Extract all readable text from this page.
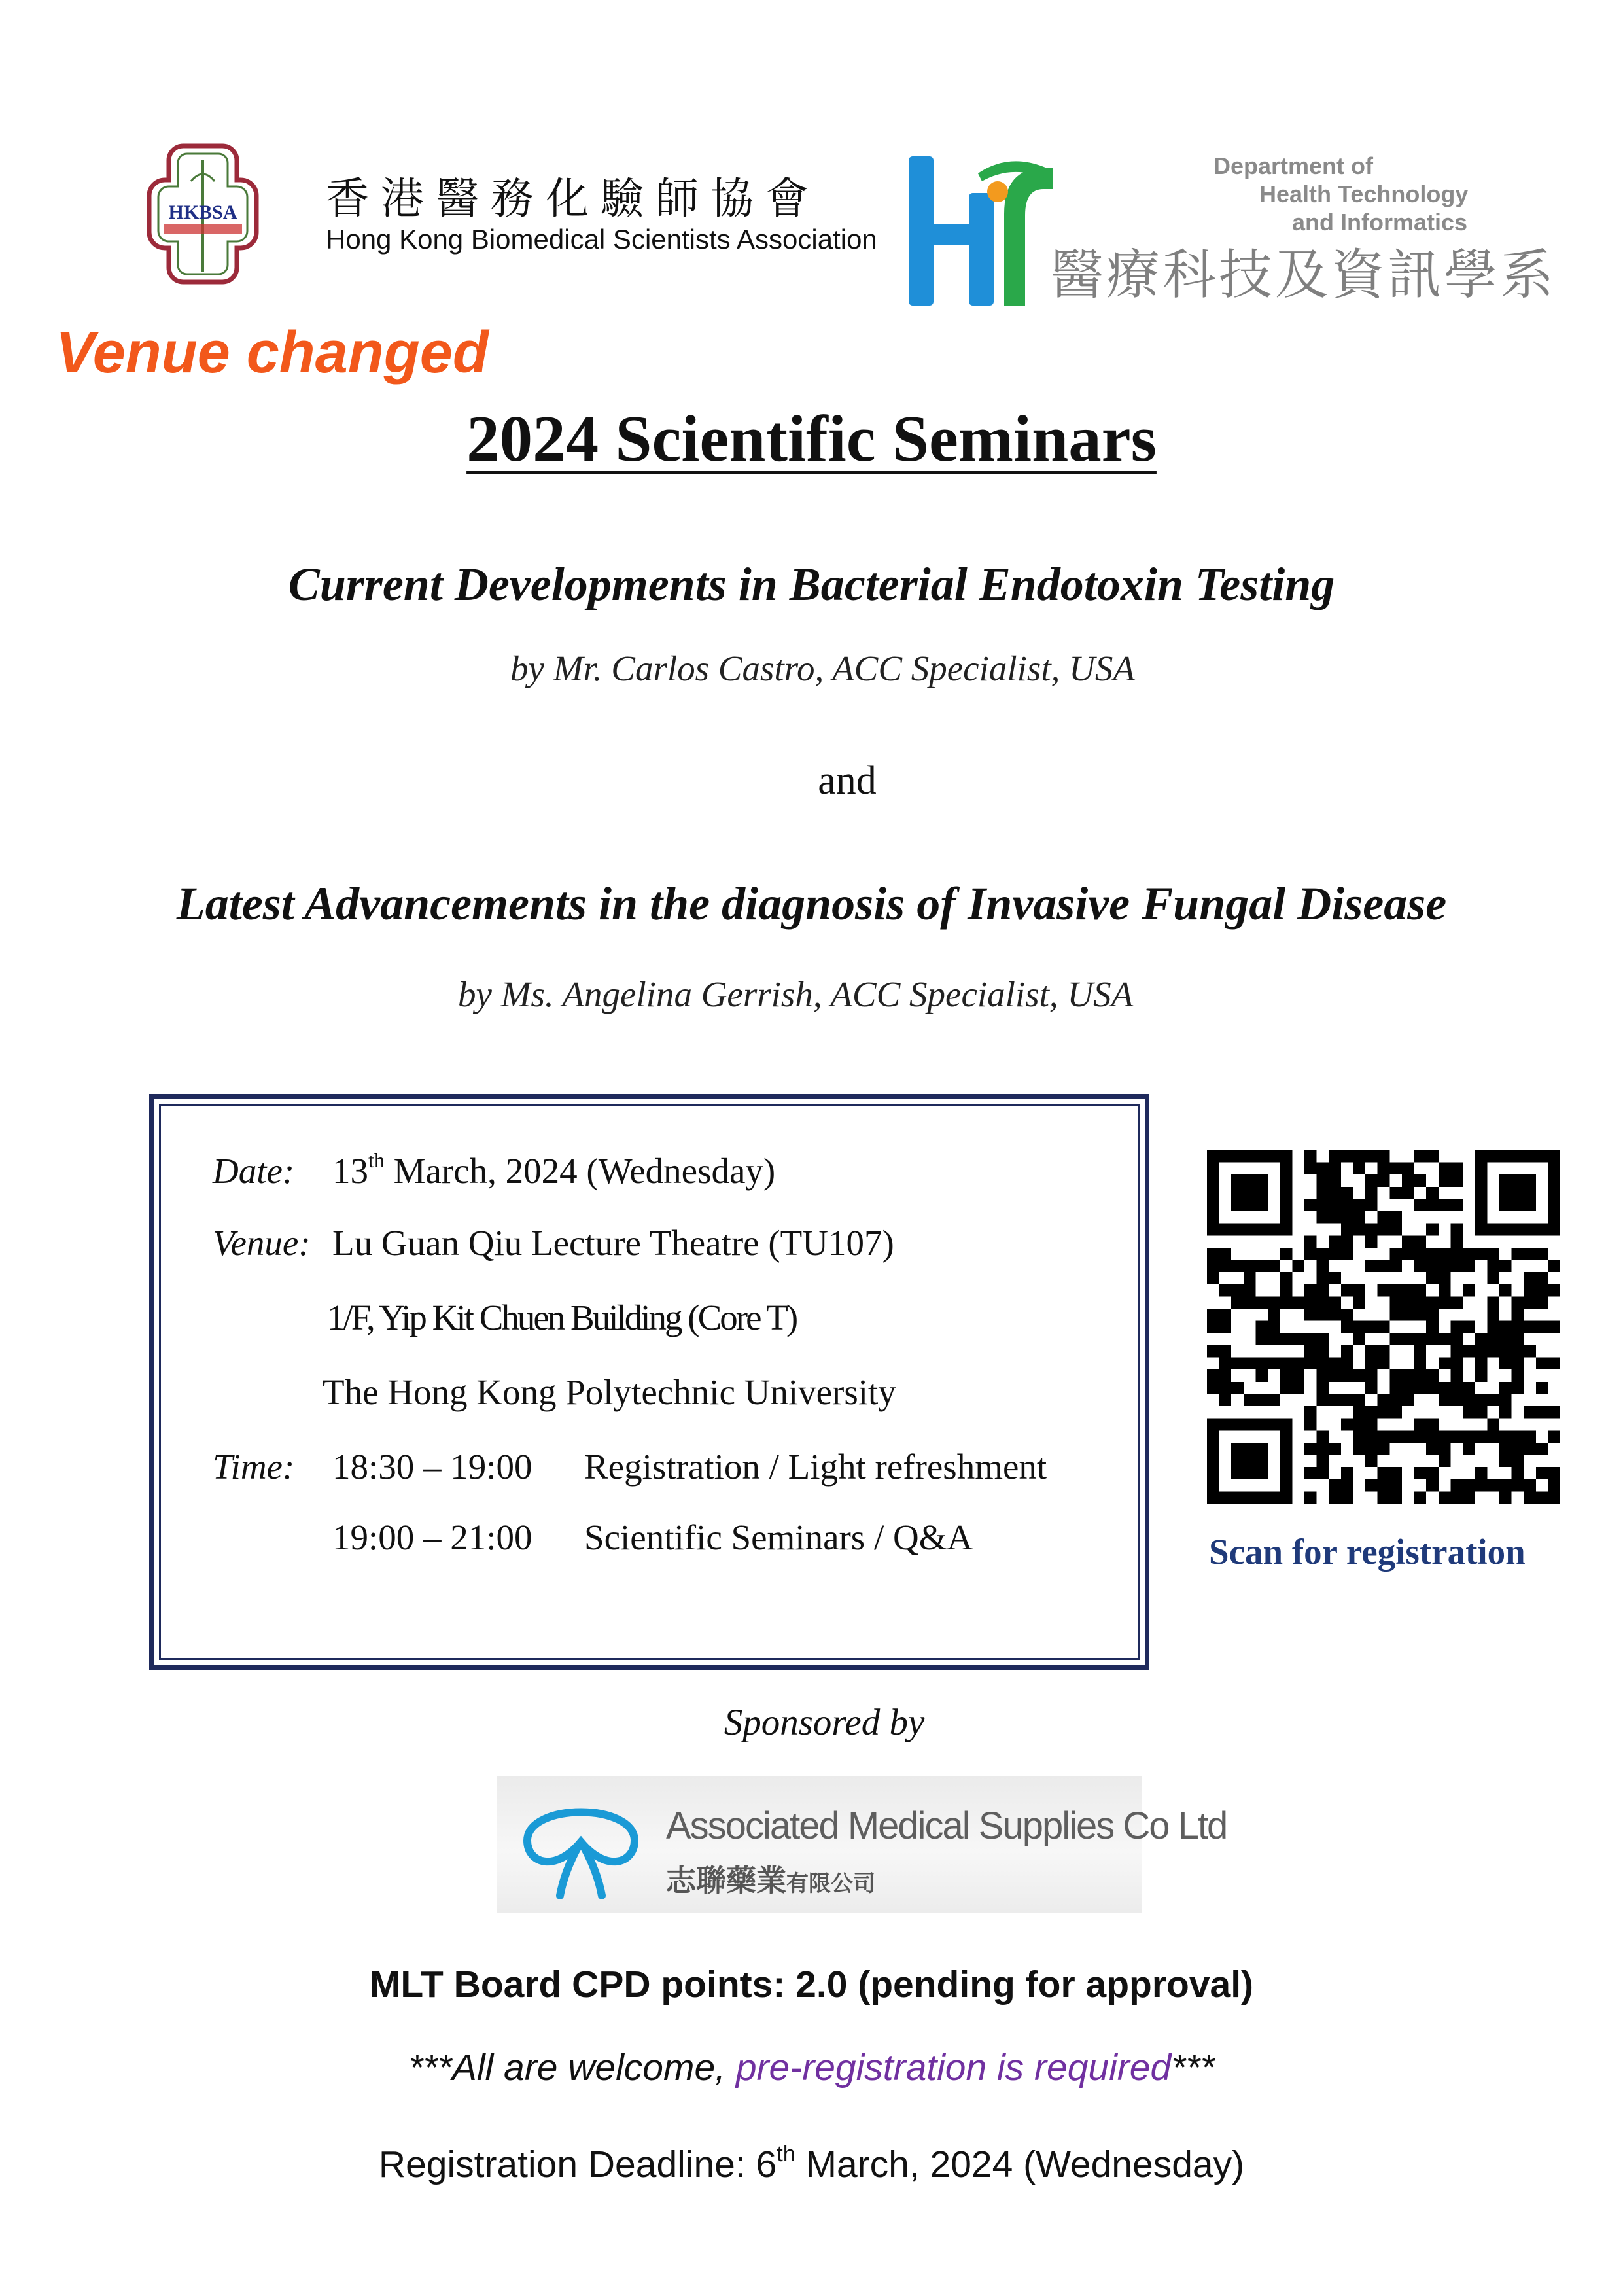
HKBSA 香港醫務化驗師協會
Hong Kong Biomedical Scientists Association
Department of
Health Technology
and Informatics
醫療科技及資訊學系
Venue changed
2024 Scientific Seminars
Current Developments in Bacterial Endotoxin Testing
by Mr. Carlos Castro, ACC Specialist, USA
and
Latest Advancements in the diagnosis of Invasive Fungal Disease
by Ms. Angelina Gerrish, ACC Specialist, USA
Date: 13th March, 2024 (Wednesday)
Venue: Lu Guan Qiu Lecture Theatre (TU107)
1/F, Yip Kit Chuen Building (Core T)
The Hong Kong Polytechnic University
Time: 18:30 – 19:00 Registration / Light refreshment
19:00 – 21:00 Scientific Seminars / Q&A	Scan for registration
Sponsored by
Associated Medical Supplies Co Ltd
志聯藥業有限公司
MLT Board CPD points: 2.0 (pending for approval)
***All are welcome, pre-registration is required***
Registration Deadline: 6th March, 2024 (Wednesday)
